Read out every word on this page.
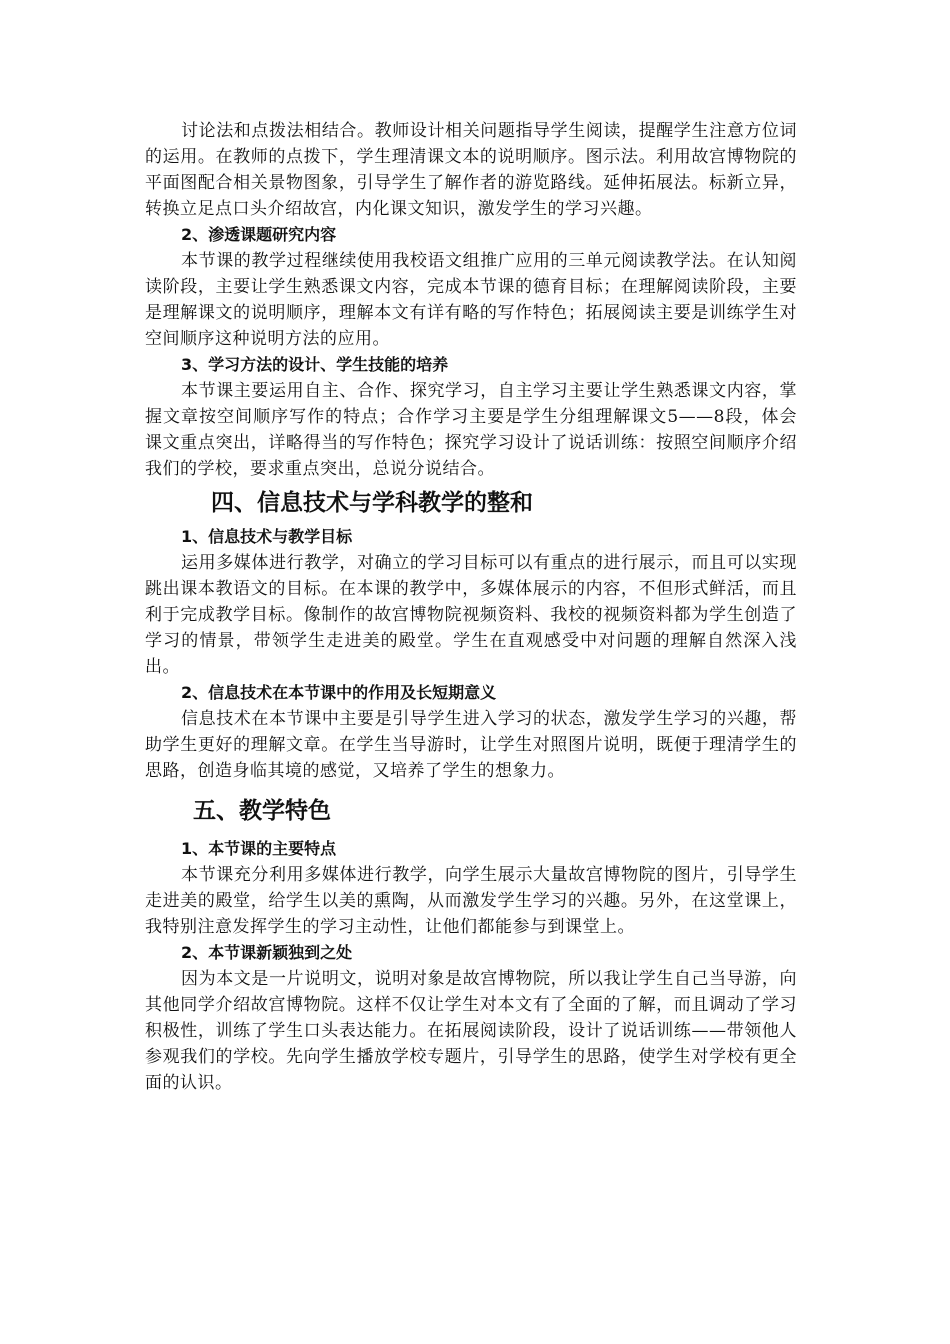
讨论法和点拨法相结合。教师设计相关问题指导学生阅读，提醒学生注意方位词的运用。在教师的点拨下，学生理清课文本的说明顺序。图示法。利用故宫博物院的平面图配合相关景物图象，引导学生了解作者的游览路线。延伸拓展法。标新立异，转换立足点口头介绍故宫，内化课文知识，激发学生的学习兴趣。

2、渗透课题研究内容

本节课的教学过程继续使用我校语文组推广应用的三单元阅读教学法。在认知阅读阶段，主要让学生熟悉课文内容，完成本节课的德育目标；在理解阅读阶段，主要是理解课文的说明顺序，理解本文有详有略的写作特色；拓展阅读主要是训练学生对空间顺序这种说明方法的应用。

3、学习方法的设计、学生技能的培养

本节课主要运用自主、合作、探究学习，自主学习主要让学生熟悉课文内容，掌握文章按空间顺序写作的特点；合作学习主要是学生分组理解课文5——8段，体会课文重点突出，详略得当的写作特色；探究学习设计了说话训练：按照空间顺序介绍我们的学校，要求重点突出，总说分说结合。

四、信息技术与学科教学的整和

1、信息技术与教学目标

运用多媒体进行教学，对确立的学习目标可以有重点的进行展示，而且可以实现跳出课本教语文的目标。在本课的教学中，多媒体展示的内容，不但形式鲜活，而且利于完成教学目标。像制作的故宫博物院视频资料、我校的视频资料都为学生创造了学习的情景，带领学生走进美的殿堂。学生在直观感受中对问题的理解自然深入浅出。

2、信息技术在本节课中的作用及长短期意义

信息技术在本节课中主要是引导学生进入学习的状态，激发学生学习的兴趣，帮助学生更好的理解文章。在学生当导游时，让学生对照图片说明，既便于理清学生的思路，创造身临其境的感觉，又培养了学生的想象力。

五、教学特色

1、本节课的主要特点

本节课充分利用多媒体进行教学，向学生展示大量故宫博物院的图片，引导学生走进美的殿堂，给学生以美的熏陶，从而激发学生学习的兴趣。另外，在这堂课上，我特别注意发挥学生的学习主动性，让他们都能参与到课堂上。

2、本节课新颖独到之处

因为本文是一片说明文，说明对象是故宫博物院，所以我让学生自己当导游，向其他同学介绍故宫博物院。这样不仅让学生对本文有了全面的了解，而且调动了学习积极性，训练了学生口头表达能力。在拓展阅读阶段，设计了说话训练——带领他人参观我们的学校。先向学生播放学校专题片，引导学生的思路，使学生对学校有更全面的认识。
